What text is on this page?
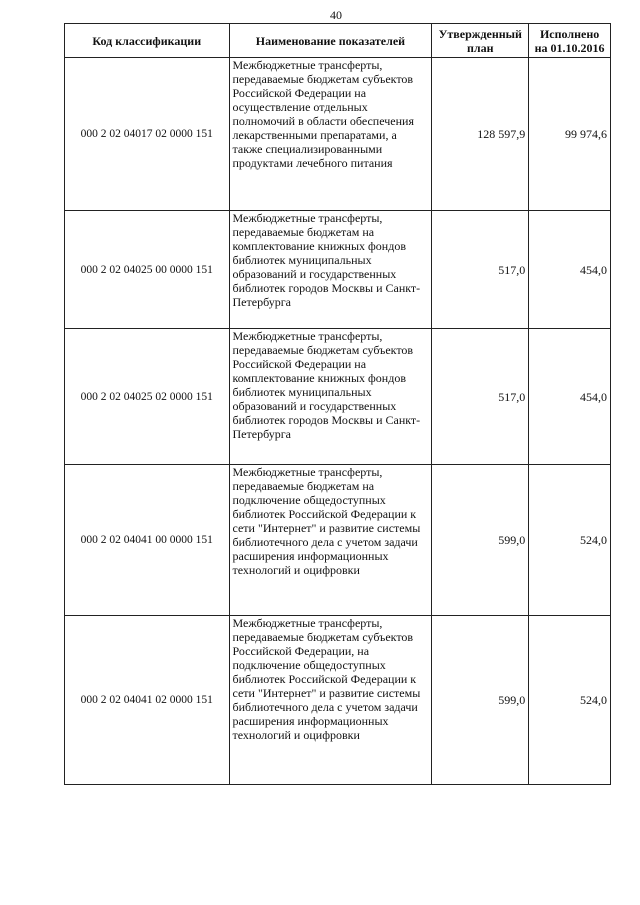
40
Код классификации	Наименование показателей	Утвержденный план	Исполнено на 01.10.2016
000 2 02 04017 02 0000 151	Межбюджетные трансферты, передаваемые бюджетам субъектов Российской Федерации на осуществление отдельных полномочий в области обеспечения лекарственными препаратами, а также специализированными продуктами лечебного питания	128 597,9	99 974,6
000 2 02 04025 00 0000 151	Межбюджетные трансферты, передаваемые бюджетам на комплектование книжных фондов библиотек муниципальных образований и государственных библиотек городов Москвы и Санкт-Петербурга	517,0	454,0
000 2 02 04025 02 0000 151	Межбюджетные трансферты, передаваемые бюджетам субъектов Российской Федерации на комплектование книжных фондов библиотек муниципальных образований и государственных библиотек городов Москвы и Санкт-Петербурга	517,0	454,0
000 2 02 04041 00 0000 151	Межбюджетные трансферты, передаваемые бюджетам на подключение общедоступных библиотек Российской Федерации к сети "Интернет" и развитие системы библиотечного дела с учетом задачи расширения информационных технологий и оцифровки	599,0	524,0
000 2 02 04041 02 0000 151	Межбюджетные трансферты, передаваемые бюджетам субъектов Российской Федерации, на подключение общедоступных библиотек Российской Федерации к сети "Интернет" и развитие системы библиотечного дела с учетом задачи расширения информационных технологий и оцифровки	599,0	524,0
